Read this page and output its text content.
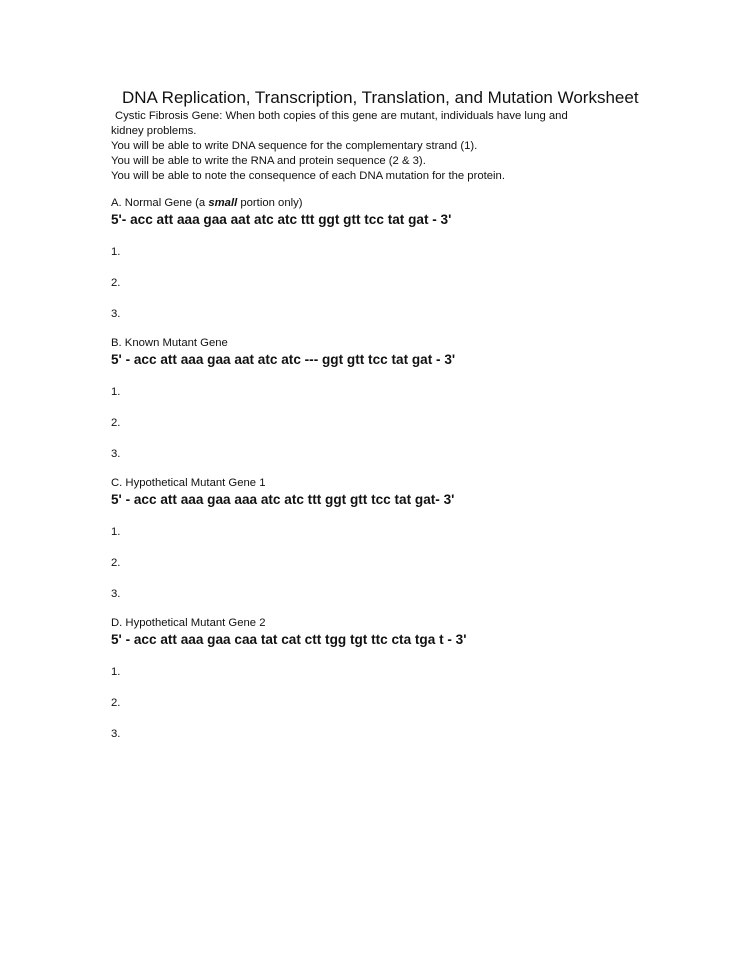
DNA Replication, Transcription, Translation, and Mutation Worksheet
Cystic Fibrosis Gene: When both copies of this gene are mutant, individuals have lung and
kidney problems.
You will be able to write DNA sequence for the complementary strand (1).
You will be able to write the RNA and protein sequence (2 & 3).
You will be able to note the consequence of each DNA mutation for the protein.
A. Normal Gene (a small portion only)
5'- acc att aaa gaa aat atc atc ttt ggt gtt tcc tat gat - 3'
1.
2.
3.
B. Known Mutant Gene
5' - acc att aaa gaa aat atc atc --- ggt gtt tcc tat gat - 3'
1.
2.
3.
C. Hypothetical Mutant Gene 1
5' - acc att aaa gaa aaa atc atc ttt ggt gtt tcc tat gat- 3'
1.
2.
3.
D. Hypothetical Mutant Gene 2
5' - acc att aaa gaa caa tat cat ctt tgg tgt ttc cta tga t - 3'
1.
2.
3.
